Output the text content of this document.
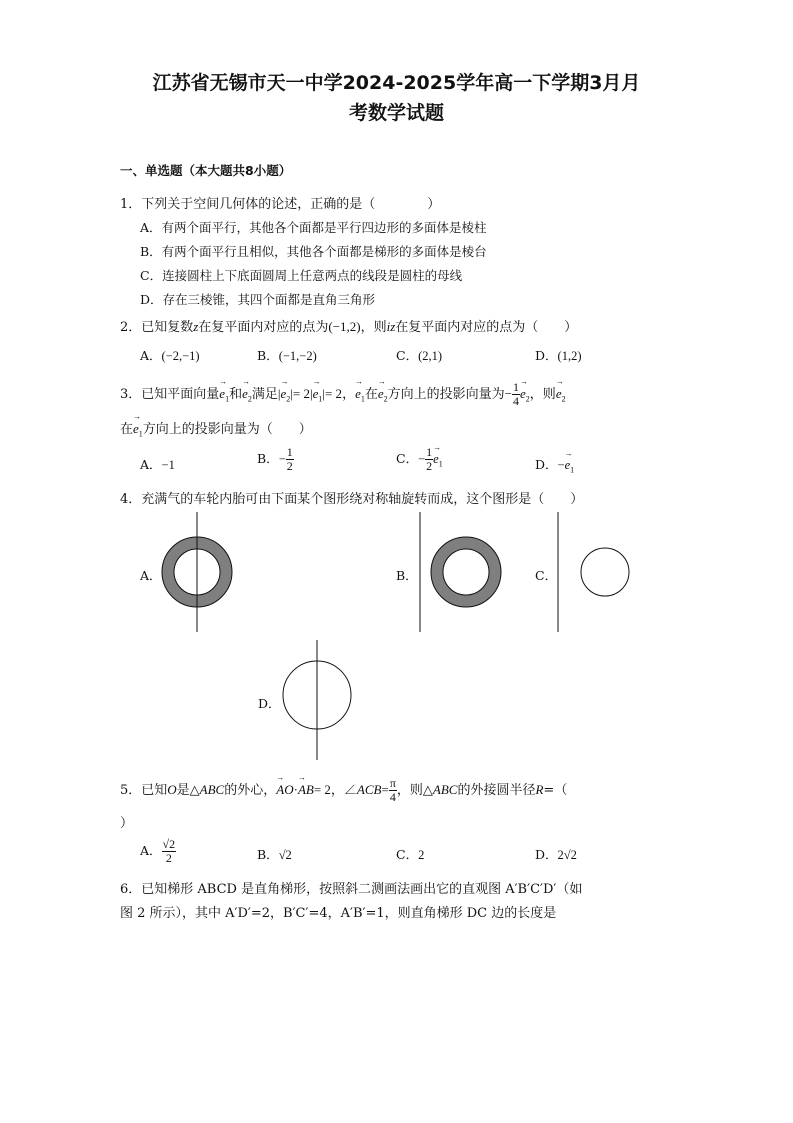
江苏省无锡市天一中学2024-2025学年高一下学期3月月
考数学试题
一、单选题（本大题共8小题）
1．下列关于空间几何体的论述，正确的是（　　　　）
A．有两个面平行，其他各个面都是平行四边形的多面体是棱柱
B．有两个面平行且相似，其他各个面都是梯形的多面体是棱台
C．连接圆柱上下底面圆周上任意两点的线段是圆柱的母线
D．存在三棱锥，其四个面都是直角三角形
2．已知复数z在复平面内对应的点为(−1,2)，则iz在复平面内对应的点为（　　）
A．(−2,−1)	B．(−1,−2)	C．(2,1)	D．(1,2)
3．已知平面向量→ $e_1$和→ $e_2$满足|→ $e_2|= 2|\to e_1|= 2$，→ $e_1$在→ $e_2$方向上的投影向量为− $\frac{1}{4}$
→ $e_2$，则→ $e_2$
在→ $e_1$方向上的投影向量为（　　）
A．−1	B．− $\frac{1}{2}$	C．− $\frac{1}{2}$
→ $e_1$	D．−→ $e_1$
4．充满气的车轮内胎可由下面某个图形绕对称轴旋转而成，这个图形是（　　）
A．	B．	C．
D．
5．已知O是△ABC的外心，→ AO·→ AB= 2，∠ACB= $\frac{\pi}{4}$ ，则△ABC的外接圆半径R=（
）
A． $\frac{√2}{2}$	B．√2	C．2	D．2√2
6．已知梯形 ABCD 是直角梯形，按照斜二测画法画出它的直观图 A′B′C′D′（如
图 2 所示），其中 A′D′=2，B′C′=4，A′B′=1，则直角梯形 DC 边的长度是
